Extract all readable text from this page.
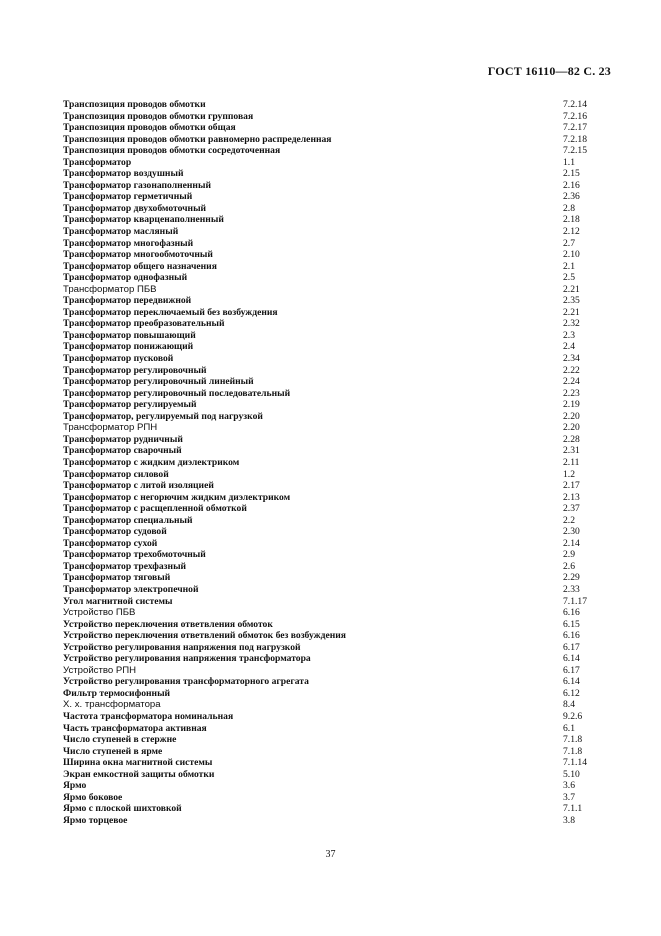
ГОСТ 16110—82 С. 23
Транспозиция проводов обмотки	7.2.14
Транспозиция проводов обмотки групповая	7.2.16
Транспозиция проводов обмотки общая	7.2.17
Транспозиция проводов обмотки равномерно распределенная	7.2.18
Транспозиция проводов обмотки сосредоточенная	7.2.15
Трансформатор	1.1
Трансформатор воздушный	2.15
Трансформатор газонаполненный	2.16
Трансформатор герметичный	2.36
Трансформатор двухобмоточный	2.8
Трансформатор кварценаполненный	2.18
Трансформатор масляный	2.12
Трансформатор многофазный	2.7
Трансформатор многообмоточный	2.10
Трансформатор общего назначения	2.1
Трансформатор однофазный	2.5
Трансформатор ПБВ	2.21
Трансформатор передвижной	2.35
Трансформатор переключаемый без возбуждения	2.21
Трансформатор преобразовательный	2.32
Трансформатор повышающий	2.3
Трансформатор понижающий	2.4
Трансформатор пусковой	2.34
Трансформатор регулировочный	2.22
Трансформатор регулировочный линейный	2.24
Трансформатор регулировочный последовательный	2.23
Трансформатор регулируемый	2.19
Трансформатор, регулируемый под нагрузкой	2.20
Трансформатор РПН	2.20
Трансформатор рудничный	2.28
Трансформатор сварочный	2.31
Трансформатор с жидким диэлектриком	2.11
Трансформатор силовой	1.2
Трансформатор с литой изоляцией	2.17
Трансформатор с негорючим жидким диэлектриком	2.13
Трансформатор с расщепленной обмоткой	2.37
Трансформатор специальный	2.2
Трансформатор судовой	2.30
Трансформатор сухой	2.14
Трансформатор трехобмоточный	2.9
Трансформатор трехфазный	2.6
Трансформатор тяговый	2.29
Трансформатор электропечной	2.33
Угол магнитной системы	7.1.17
Устройство ПБВ	6.16
Устройство переключения ответвления обмоток	6.15
Устройство переключения ответвлений обмоток без возбуждения	6.16
Устройство регулирования напряжения под нагрузкой	6.17
Устройство регулирования напряжения трансформатора	6.14
Устройство РПН	6.17
Устройство регулирования трансформаторного агрегата	6.14
Фильтр термосифонный	6.12
X. x. трансформатора	8.4
Частота трансформатора номинальная	9.2.6
Часть трансформатора активная	6.1
Число ступеней в стержне	7.1.8
Число ступеней в ярме	7.1.8
Ширина окна магнитной системы	7.1.14
Экран емкостной защиты обмотки	5.10
Ярмо	3.6
Ярмо боковое	3.7
Ярмо с плоской шихтовкой	7.1.1
Ярмо торцевое	3.8
37
